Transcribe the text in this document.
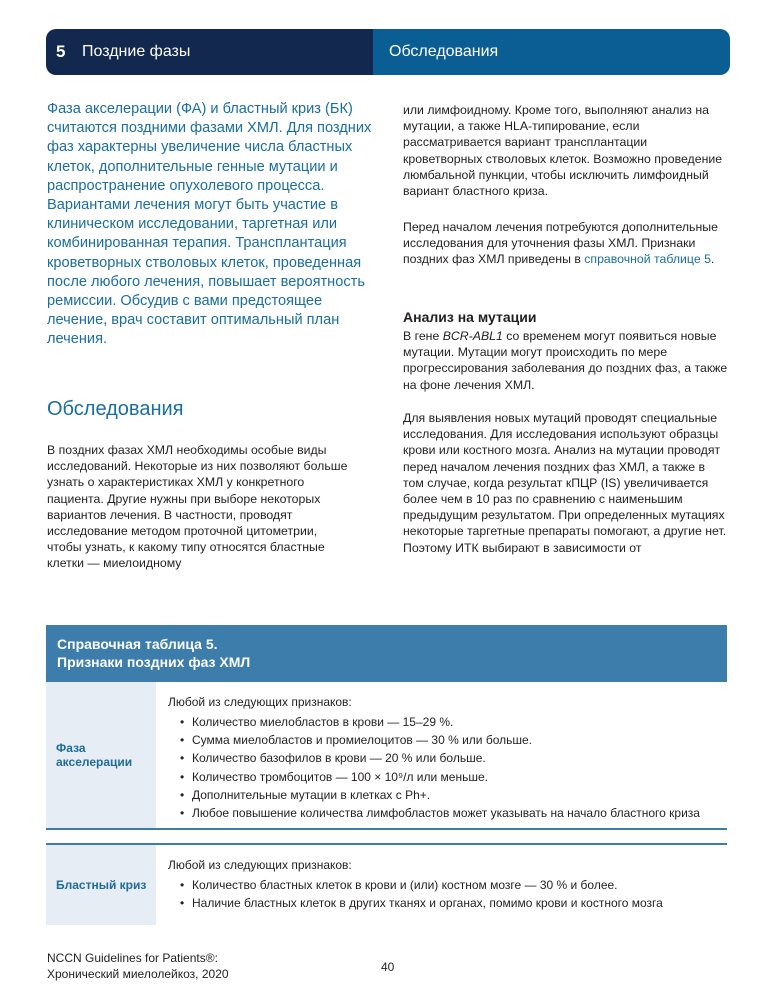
5	Поздние фазы	Обследования
Фаза акселерации (ФА) и бластный криз (БК) считаются поздними фазами ХМЛ. Для поздних фаз характерны увеличение числа бластных клеток, дополнительные генные мутации и распространение опухолевого процесса. Вариантами лечения могут быть участие в клиническом исследовании, таргетная или комбинированная терапия. Трансплантация кроветворных стволовых клеток, проведенная после любого лечения, повышает вероятность ремиссии. Обсудив с вами предстоящее лечение, врач составит оптимальный план лечения.
Обследования
В поздних фазах ХМЛ необходимы особые виды исследований. Некоторые из них позволяют больше узнать о характеристиках ХМЛ у конкретного пациента. Другие нужны при выборе некоторых вариантов лечения. В частности, проводят исследование методом проточной цитометрии, чтобы узнать, к какому типу относятся бластные клетки — миелоидному
или лимфоидному. Кроме того, выполняют анализ на мутации, а также HLA-типирование, если рассматривается вариант трансплантации кроветворных стволовых клеток. Возможно проведение люмбальной пункции, чтобы исключить лимфоидный вариант бластного криза.
Перед началом лечения потребуются дополнительные исследования для уточнения фазы ХМЛ. Признаки поздних фаз ХМЛ приведены в справочной таблице 5.
Анализ на мутации
В гене BCR-ABL1 со временем могут появиться новые мутации. Мутации могут происходить по мере прогрессирования заболевания до поздних фаз, а также на фоне лечения ХМЛ.
Для выявления новых мутаций проводят специальные исследования. Для исследования используют образцы крови или костного мозга. Анализ на мутации проводят перед началом лечения поздних фаз ХМЛ, а также в том случае, когда результат кПЦР (IS) увеличивается более чем в 10 раз по сравнению с наименьшим предыдущим результатом. При определенных мутациях некоторые таргетные препараты помогают, а другие нет. Поэтому ИТК выбирают в зависимости от
Справочная таблица 5.
Признаки поздних фаз ХМЛ
Фаза акселерации
Любой из следующих признаков:
• Количество миелобластов в крови — 15–29 %.
• Сумма миелобластов и промиелоцитов — 30 % или больше.
• Количество базофилов в крови — 20 % или больше.
• Количество тромбоцитов — 100 × 10⁹/л или меньше.
• Дополнительные мутации в клетках с Ph+.
• Любое повышение количества лимфобластов может указывать на начало бластного криза
Бластный криз
Любой из следующих признаков:
• Количество бластных клеток в крови и (или) костном мозге — 30 % и более.
• Наличие бластных клеток в других тканях и органах, помимо крови и костного мозга
NCCN Guidelines for Patients®:
Хронический миелолейкоз, 2020	40
